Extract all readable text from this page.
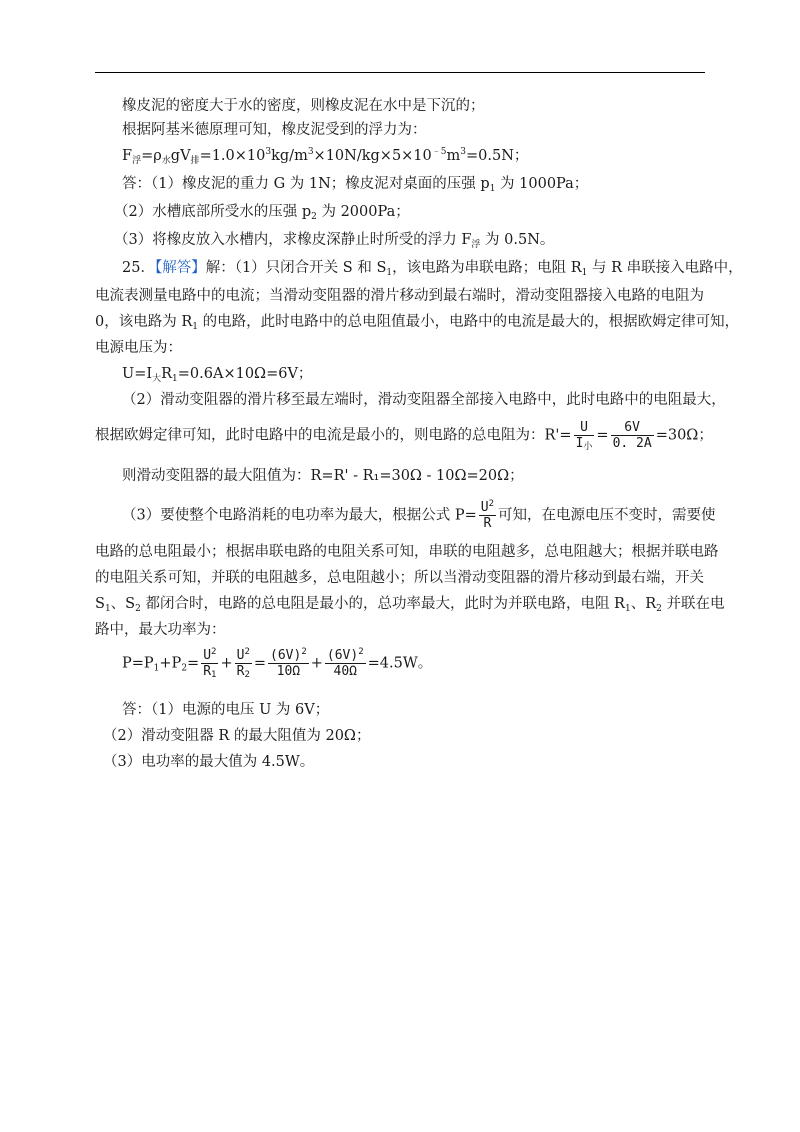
橡皮泥的密度大于水的密度，则橡皮泥在水中是下沉的；
根据阿基米德原理可知，橡皮泥受到的浮力为：
$F_浮=\rho_水gV_排=1.0\times 10^3kg/m^3\times 10N/kg\times 5\times 10^{﹣5}m^3=0.5N$；
答：（1）橡皮泥的重力 G 为 1N；橡皮泥对桌面的压强 $p_1$ 为 1000Pa；
（2）水槽底部所受水的压强 $p_2$ 为 2000Pa；
（3）将橡皮放入水槽内，求橡皮深静止时所受的浮力 $F_浮$ 为 0.5N。
25．【解答】解：（1）只闭合开关 S 和 $S_1$，该电路为串联电路；电阻 $R_1$ 与 R 串联接入电路中，
电流表测量电路中的电流；当滑动变阻器的滑片移动到最右端时，滑动变阻器接入电路的电阻为
0，该电路为 $R_1$ 的电路，此时电路中的总电阻值最小，电路中的电流是最大的，根据欧姆定律可知，
电源电压为：
$U=I_大R_1=0.6A\times 10\Omega=6V$；
（2）滑动变阻器的滑片移至最左端时，滑动变阻器全部接入电路中，此时电路中的电阻最大，
根据欧姆定律可知，此时电路中的电流是最小的，则电路的总电阻为：$R'= \frac{U}{I_小} = \frac{6V}{0. 2A} =30\Omega$；
则滑动变阻器的最大阻值为：R=R' - R₁=30Ω - 10Ω=20Ω；
（3）要使整个电路消耗的电功率为最大，根据公式 $P= \frac{U^2}{R}$ 可知，在电源电压不变时，需要使
电路的总电阻最小；根据串联电路的电阻关系可知，串联的电阻越多，总电阻越大；根据并联电路
的电阻关系可知，并联的电阻越多，总电阻越小；所以当滑动变阻器的滑片移动到最右端，开关
$S_1$、$S_2$ 都闭合时，电路的总电阻是最小的，总功率最大，此时为并联电路，电阻 $R_1$、$R_2$ 并联在电
路中，最大功率为：
$P=P_1+P_2= \frac{U^2}{R_1} + \frac{U^2}{R_2} = \frac{(6V)^2}{10\Omega} + \frac{(6V)^2}{40\Omega} =4.5W$。
答：（1）电源的电压 U 为 6V；
（2）滑动变阻器 R 的最大阻值为 20Ω；
（3）电功率的最大值为 4.5W。
